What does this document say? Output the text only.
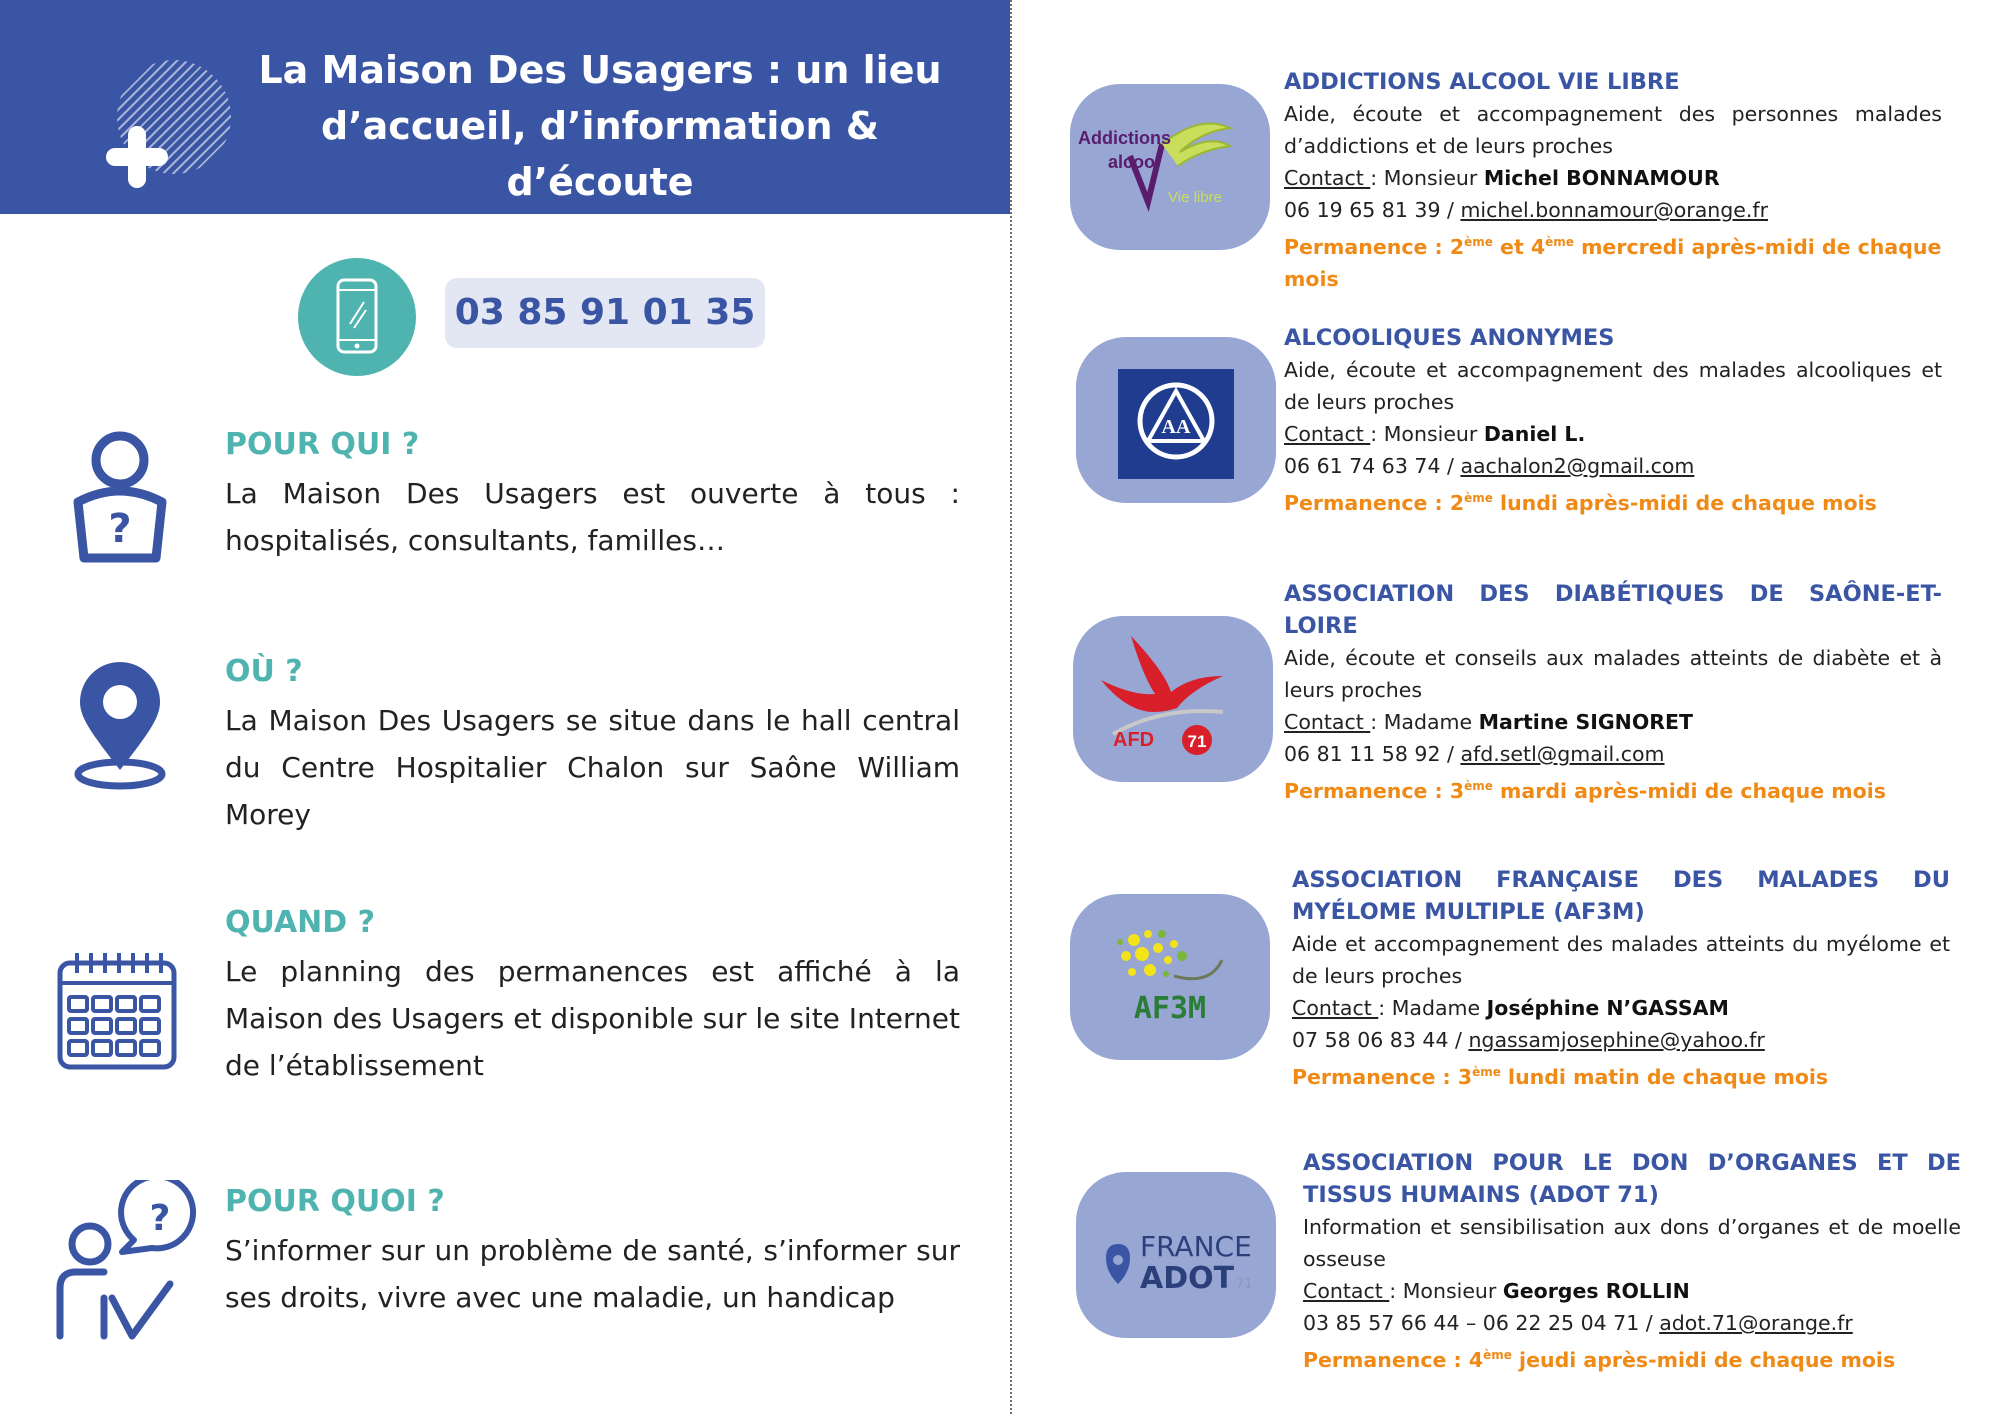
La Maison Des Usagers : un lieu
d’accueil, d’information & d’écoute
03 85 91 01 35
?
POUR QUI ?
La Maison Des Usagers est ouverte à tous : hospitalisés, consultants, familles…
OÙ ?
La Maison Des Usagers se situe dans le hall central du Centre Hospitalier Chalon sur Saône William Morey
QUAND ?
Le planning des permanences est affiché à la Maison des Usagers et disponible sur le site Internet de l’établissement
? POUR QUOI ?
S’informer sur un problème de santé, s’informer sur ses droits, vivre avec une maladie, un handicap
Addictions
alcool
Vie libre
ADDICTIONS ALCOOL VIE LIBRE
Aide, écoute et accompagnement des personnes malades d’addictions et de leurs proches
Contact : Monsieur Michel BONNAMOUR
06 19 65 81 39 / michel.bonnamour@orange.fr
Permanence : 2ème et 4ème mercredi après-midi de chaque mois
AA
ALCOOLIQUES ANONYMES
Aide, écoute et accompagnement des malades alcooliques et de leurs proches
Contact : Monsieur Daniel L.
06 61 74 63 74 / aachalon2@gmail.com
Permanence : 2ème lundi après-midi de chaque mois
AFD 71
ASSOCIATION DES DIABÉTIQUES DE SAÔNE-ET-LOIRE
Aide, écoute et conseils aux malades atteints de diabète et à leurs proches
Contact : Madame Martine SIGNORET
06 81 11 58 92 / afd.setl@gmail.com
Permanence : 3ème mardi après-midi de chaque mois
AF3M
ASSOCIATION FRANÇAISE DES MALADES DU MYÉLOME MULTIPLE (AF3M)
Aide et accompagnement des malades atteints du myélome et de leurs proches
Contact : Madame Joséphine N’GASSAM
07 58 06 83 44 / ngassamjosephine@yahoo.fr
Permanence : 3ème lundi matin de chaque mois
FRANCE
ADOT 71
ASSOCIATION POUR LE DON D’ORGANES ET DE TISSUS HUMAINS (ADOT 71)
Information et sensibilisation aux dons d’organes et de moelle osseuse
Contact : Monsieur Georges ROLLIN
03 85 57 66 44 – 06 22 25 04 71 / adot.71@orange.fr
Permanence : 4ème jeudi après-midi de chaque mois
